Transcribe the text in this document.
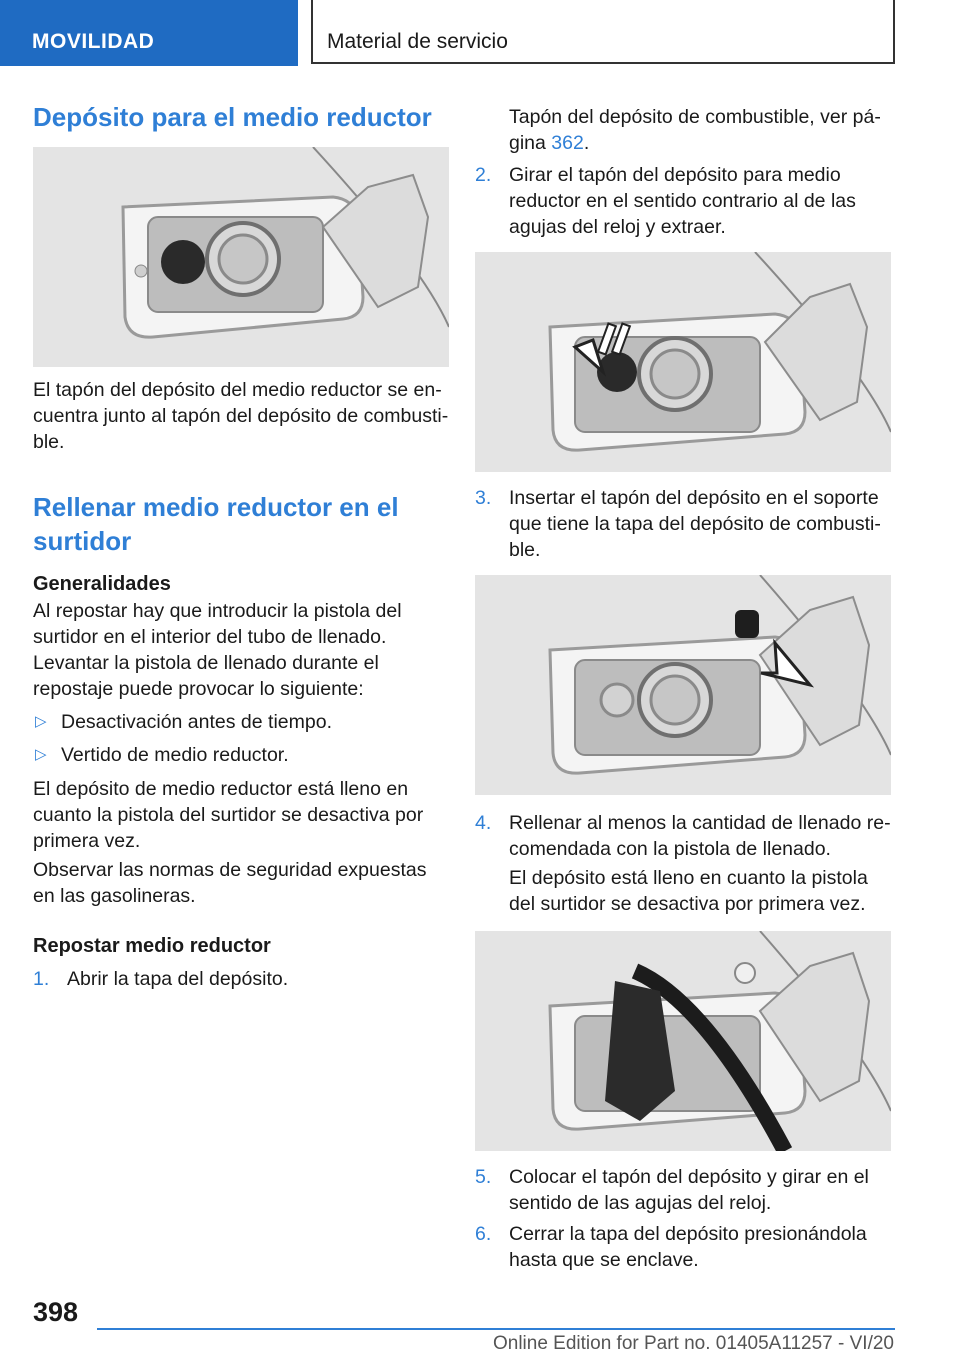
MOVILIDAD	Material de servicio
Depósito para el medio reductor

El tapón del depósito del medio reductor se encuentra junto al tapón del depósito de combustible.

Rellenar medio reductor en el surtidor
Generalidades

Al repostar hay que introducir la pistola del surtidor en el interior del tubo de llenado. Levantar la pistola de llenado durante el repostaje puede provocar lo siguiente:

▷ Desactivación antes de tiempo.
▷ Vertido de medio reductor.

El depósito de medio reductor está lleno en cuanto la pistola del surtidor se desactiva por primera vez.

Observar las normas de seguridad expuestas en las gasolineras.

Repostar medio reductor
1. Abrir la tapa del depósito.
Tapón del depósito de combustible, ver página 362.
2. Girar el tapón del depósito para medio reductor en el sentido contrario al de las agujas del reloj y extraer.
3. Insertar el tapón del depósito en el soporte que tiene la tapa del depósito de combustible.
4. Rellenar al menos la cantidad de llenado recomendada con la pistola de llenado.

El depósito está lleno en cuanto la pistola del surtidor se desactiva por primera vez.

5. Colocar el tapón del depósito y girar en el sentido de las agujas del reloj.
6. Cerrar la tapa del depósito presionándola hasta que se enclave.
398
Online Edition for Part no. 01405A11257 - VI/20
